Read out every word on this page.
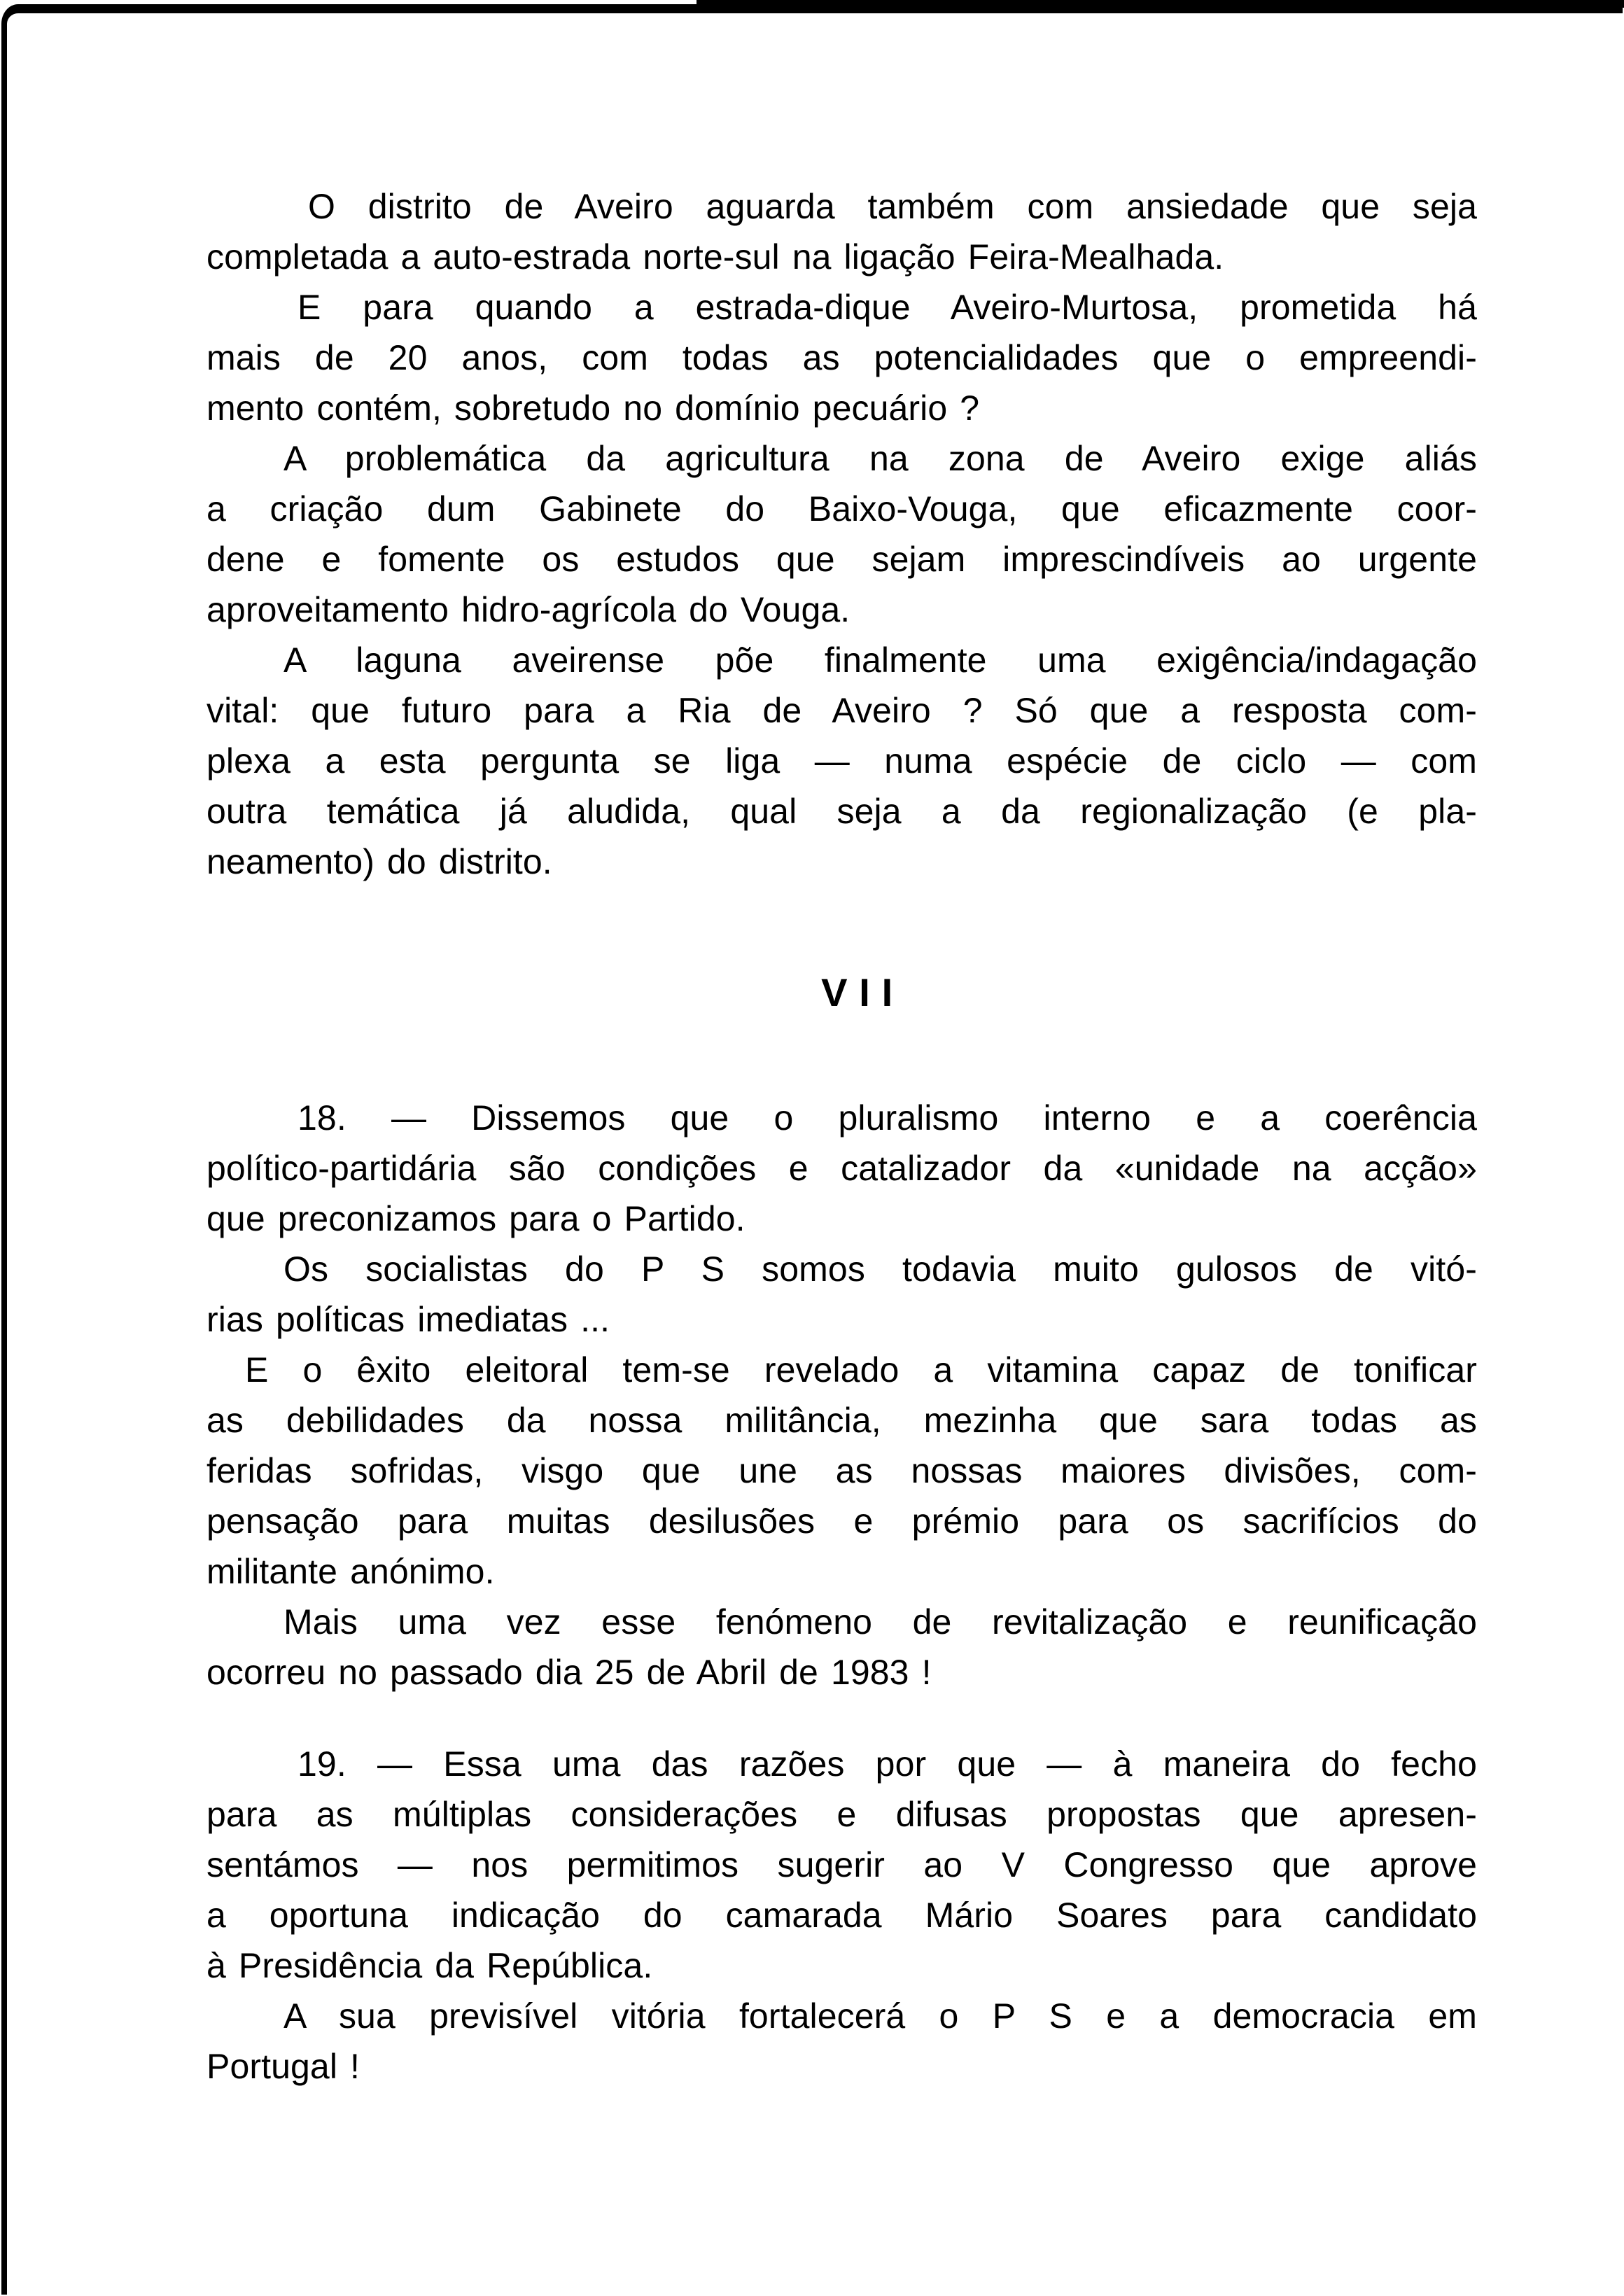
O distrito de Aveiro aguarda também com ansiedade que seja
completada a auto-estrada norte-sul na ligação Feira-Mealhada.
E para quando a estrada-dique Aveiro-Murtosa, prometida há
mais de 20 anos, com todas as potencialidades que o empreendi-
mento contém, sobretudo no domínio pecuário ?
A problemática da agricultura na zona de Aveiro exige aliás
a criação dum Gabinete do Baixo-Vouga, que eficazmente coor-
dene e fomente os estudos que sejam imprescindíveis ao urgente
aproveitamento hidro-agrícola do Vouga.
A laguna aveirense põe finalmente uma exigência/indagação
vital: que futuro para a Ria de Aveiro ? Só que a resposta com-
plexa a esta pergunta se liga — numa espécie de ciclo — com
outra temática já aludida, qual seja a da regionalização (e pla-
neamento) do distrito.
VII
18. — Dissemos que o pluralismo interno e a coerência
político-partidária são condições e catalizador da «unidade na acção»
que preconizamos para o Partido.
Os socialistas do P S somos todavia muito gulosos de vitó-
rias políticas imediatas ...
E o êxito eleitoral tem-se revelado a vitamina capaz de tonificar
as debilidades da nossa militância, mezinha que sara todas as
feridas sofridas, visgo que une as nossas maiores divisões, com-
pensação para muitas desilusões e prémio para os sacrifícios do
militante anónimo.
Mais uma vez esse fenómeno de revitalização e reunificação
ocorreu no passado dia 25 de Abril de 1983 !
19. — Essa uma das razões por que — à maneira do fecho
para as múltiplas considerações e difusas propostas que apresen-
sentámos — nos permitimos sugerir ao V Congresso que aprove
a oportuna indicação do camarada Mário Soares para candidato
à Presidência da República.
A sua previsível vitória fortalecerá o P S e a democracia em
Portugal !
